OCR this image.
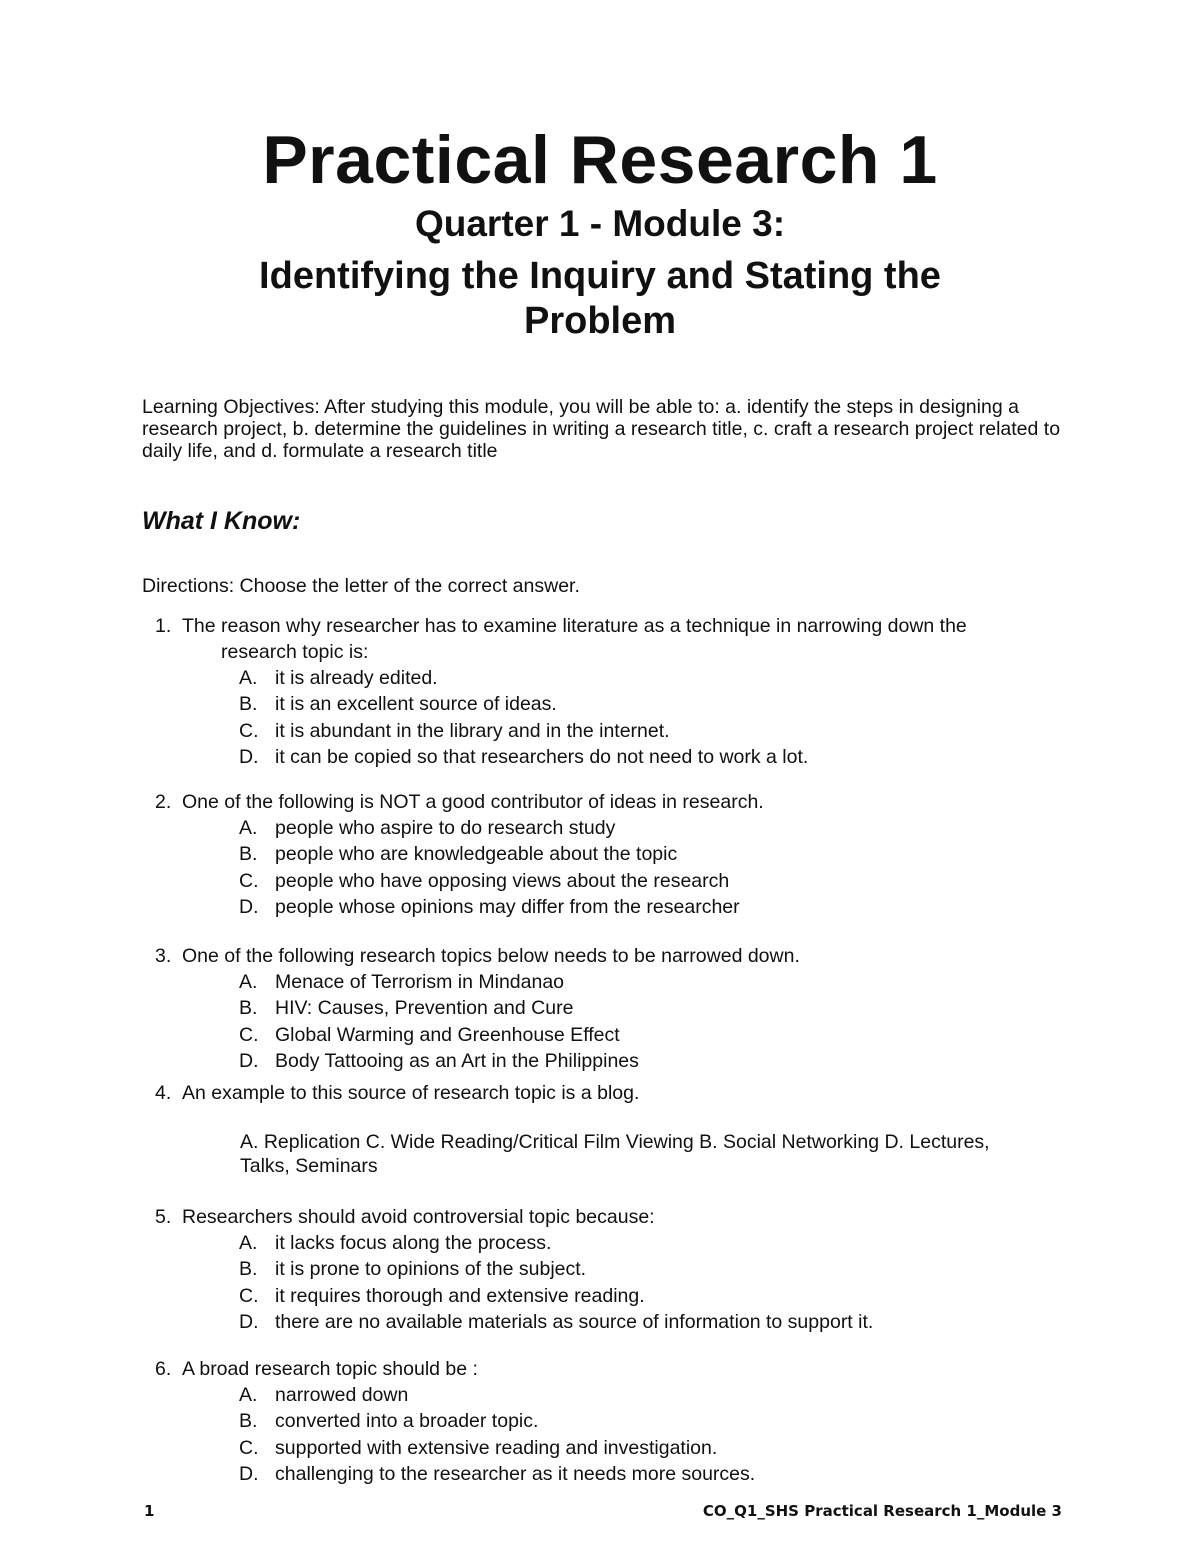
Practical Research 1
Quarter 1 - Module 3:
Identifying the Inquiry and Stating the
Problem
Learning Objectives: After studying this module, you will be able to: a. identify the steps in designing a research project, b. determine the guidelines in writing a research title, c. craft a research project related to daily life, and d. formulate a research title
What I Know:
Directions: Choose the letter of the correct answer.
1. The reason why researcher has to examine literature as a technique in narrowing down the
research topic is:
A. it is already edited.
B. it is an excellent source of ideas.
C. it is abundant in the library and in the internet.
D. it can be copied so that researchers do not need to work a lot.
2. One of the following is NOT a good contributor of ideas in research.
A. people who aspire to do research study
B. people who are knowledgeable about the topic
C. people who have opposing views about the research
D. people whose opinions may differ from the researcher
3. One of the following research topics below needs to be narrowed down.
A. Menace of Terrorism in Mindanao
B. HIV: Causes, Prevention and Cure
C. Global Warming and Greenhouse Effect
D. Body Tattooing as an Art in the Philippines
4. An example to this source of research topic is a blog.
A. Replication C. Wide Reading/Critical Film Viewing B. Social Networking D. Lectures, Talks, Seminars
5. Researchers should avoid controversial topic because:
A. it lacks focus along the process.
B. it is prone to opinions of the subject.
C. it requires thorough and extensive reading.
D. there are no available materials as source of information to support it.
6. A broad research topic should be :
A. narrowed down
B. converted into a broader topic.
C. supported with extensive reading and investigation.
D. challenging to the researcher as it needs more sources.
1	CO_Q1_SHS Practical Research 1_Module 3
